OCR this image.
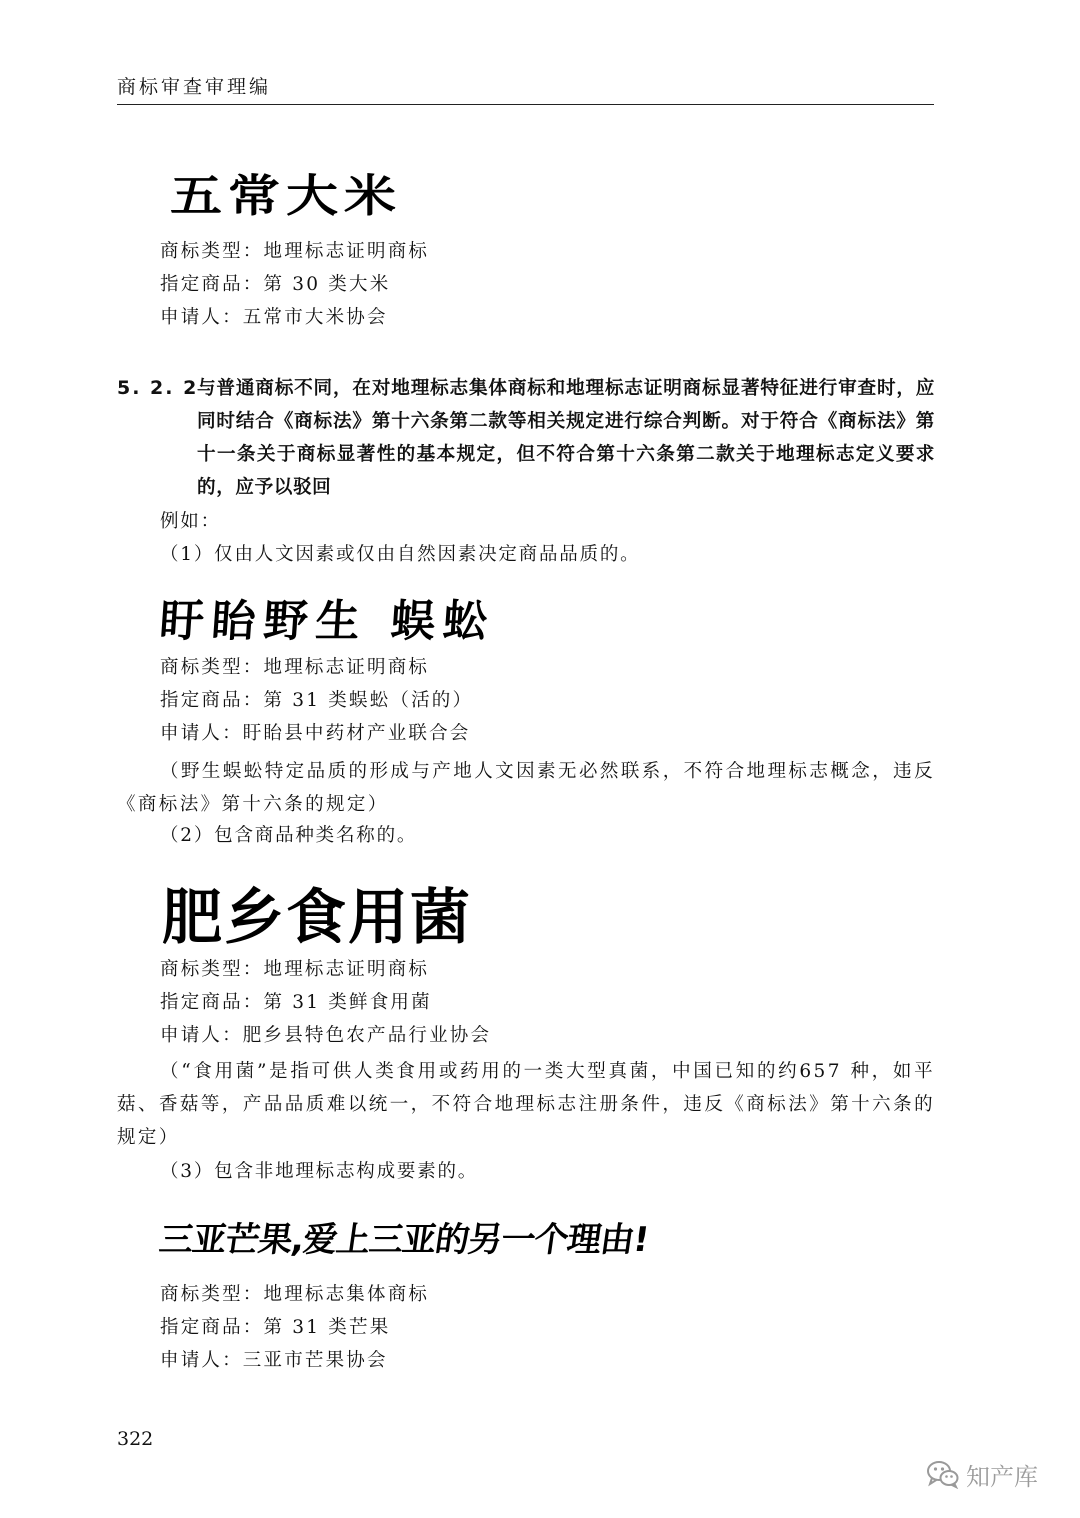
商标审查审理编
五常大米
商标类型：地理标志证明商标
指定商品：第 30 类大米
申请人：五常市大米协会
5. 2. 2
与普通商标不同，在对地理标志集体商标和地理标志证明商标显著特征进行审查时，应同时结合《商标法》第十六条第二款等相关规定进行综合判断。对于符合《商标法》第十一条关于商标显著性的基本规定，但不符合第十六条第二款关于地理标志定义要求的，应予以驳回
例如：
（1）仅由人文因素或仅由自然因素决定商品品质的。
盱眙野生 蜈蚣
商标类型：地理标志证明商标
指定商品：第 31 类蜈蚣（活的）
申请人：盱眙县中药材产业联合会
（野生蜈蚣特定品质的形成与产地人文因素无必然联系，不符合地理标志概念，违反《商标法》第十六条的规定）
（2）包含商品种类名称的。
肥乡食用菌
商标类型：地理标志证明商标
指定商品：第 31 类鲜食用菌
申请人：肥乡县特色农产品行业协会
（“食用菌”是指可供人类食用或药用的一类大型真菌，中国已知的约657 种，如平菇、香菇等，产品品质难以统一，不符合地理标志注册条件，违反《商标法》第十六条的规定）
（3）包含非地理标志构成要素的。
三亚芒果,爱上三亚的另一个理由!
商标类型：地理标志集体商标
指定商品：第 31 类芒果
申请人：三亚市芒果协会
322
知产库
